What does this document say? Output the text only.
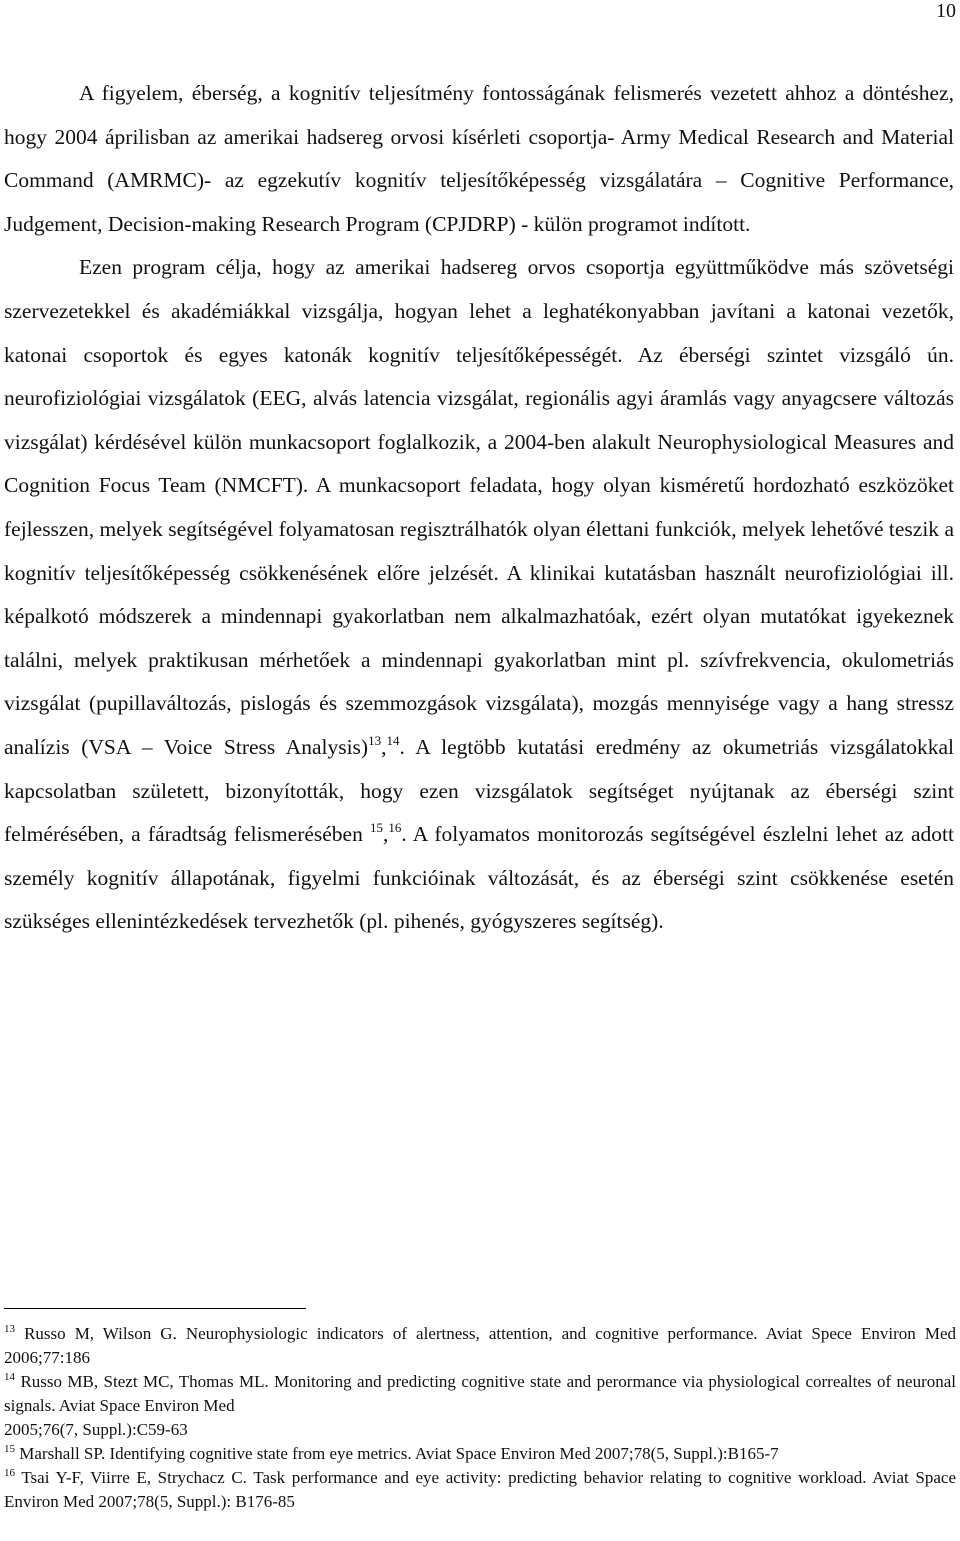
10

A figyelem, éberség, a kognitív teljesítmény fontosságának felismerés vezetett ahhoz a döntéshez, hogy 2004 áprilisban az amerikai hadsereg orvosi kísérleti csoportja- Army Medical Research and Material Command (AMRMC)- az egzekutív kognitív teljesítőképesség vizsgálatára – Cognitive Performance, Judgement, Decision-making Research Program (CPJDRP) - külön programot indított.

Ezen program célja, hogy az amerikai hadsereg orvos csoportja együttműködve más szövetségi szervezetekkel és akadémiákkal vizsgálja, hogyan lehet a leghatékonyabban javítani a katonai vezetők, katonai csoportok és egyes katonák kognitív teljesítőképességét. Az éberségi szintet vizsgáló ún. neurofiziológiai vizsgálatok (EEG, alvás latencia vizsgálat, regionális agyi áramlás vagy anyagcsere változás vizsgálat) kérdésével külön munkacsoport foglalkozik, a 2004-ben alakult Neurophysiological Measures and Cognition Focus Team (NMCFT). A munkacsoport feladata, hogy olyan kisméretű hordozható eszközöket fejlesszen, melyek segítségével folyamatosan regisztrálhatók olyan élettani funkciók, melyek lehetővé teszik a kognitív teljesítőképesség csökkenésének előre jelzését. A klinikai kutatásban használt neurofiziológiai ill. képalkotó módszerek a mindennapi gyakorlatban nem alkalmazhatóak, ezért olyan mutatókat igyekeznek találni, melyek praktikusan mérhetőek a mindennapi gyakorlatban mint pl. szívfrekvencia, okulometriás vizsgálat (pupillaváltozás, pislogás és szemmozgások vizsgálata), mozgás mennyisége vagy a hang stressz analízis (VSA – Voice Stress Analysis)$^{13}$,$^{14}$. A legtöbb kutatási eredmény az okumetriás vizsgálatokkal kapcsolatban született, bizonyították, hogy ezen vizsgálatok segítséget nyújtanak az éberségi szint felmérésében, a fáradtság felismerésében $^{15}$,$^{16}$. A folyamatos monitorozás segítségével észlelni lehet az adott személy kognitív állapotának, figyelmi funkcióinak változását, és az éberségi szint csökkenése esetén szükséges ellenintézkedések tervezhetők (pl. pihenés, gyógyszeres segítség).

$^{13}$ Russo M, Wilson G. Neurophysiologic indicators of alertness, attention, and cognitive performance. Aviat Spece Environ Med 2006;77:186

$^{14}$ Russo MB, Stezt MC, Thomas ML. Monitoring and predicting cognitive state and perormance via physiological correaltes of neuronal signals. Aviat Space Environ Med
2005;76(7, Suppl.):C59-63

$^{15}$ Marshall SP. Identifying cognitive state from eye metrics. Aviat Space Environ Med 2007;78(5, Suppl.):B165-7

$^{16}$ Tsai Y-F, Viirre E, Strychacz C. Task performance and eye activity: predicting behavior relating to cognitive workload. Aviat Space Environ Med 2007;78(5, Suppl.): B176-85
